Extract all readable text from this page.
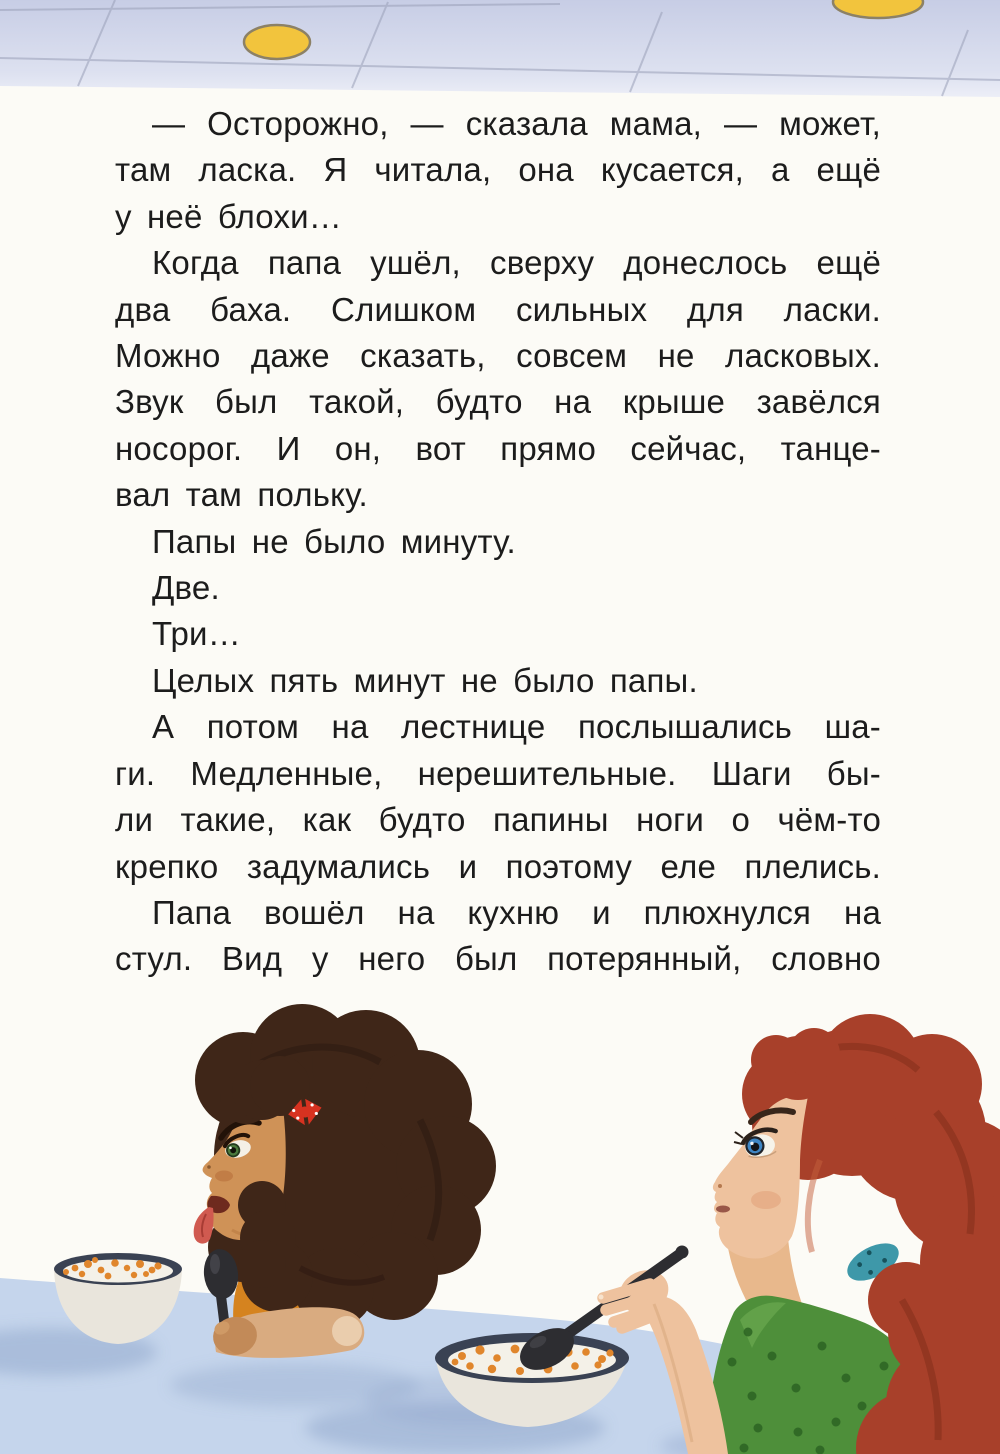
— Осторожно, — сказала мама, — может,
там ласка. Я читала, она кусается, а ещё
у неё блохи…
Когда папа ушёл, сверху донеслось ещё
два баха. Слишком сильных для ласки.
Можно даже сказать, совсем не ласковых.
Звук был такой, будто на крыше завёлся
носорог. И он, вот прямо сейчас, танце-
вал там польку.
Папы не было минуту.
Две.
Три…
Целых пять минут не было папы.
А потом на лестнице послышались ша-
ги. Медленные, нерешительные. Шаги бы-
ли такие, как будто папины ноги о чём-то
крепко задумались и поэтому еле плелись.
Папа вошёл на кухню и плюхнулся на
стул. Вид у него был потерянный, словно
